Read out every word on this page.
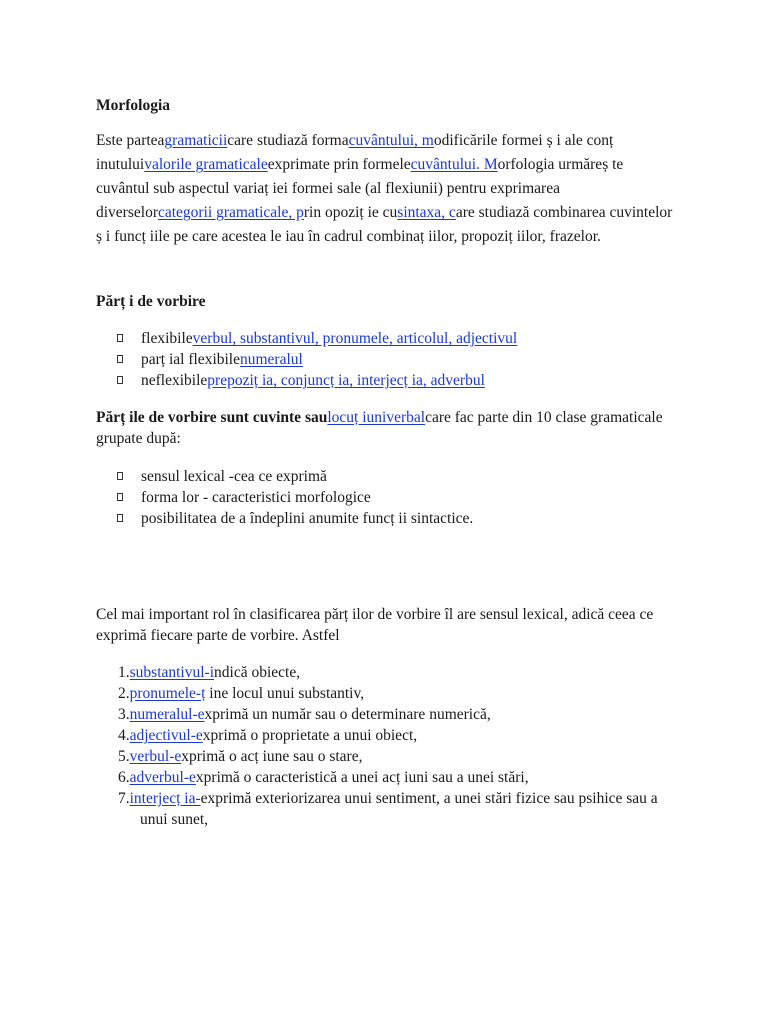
Morfologia
Este parteagramaticiicare studiază formacuvântului, modificările formei ș i ale conț inutuluivalorile gramaticaleexprimate prin formelecuvântului. Morfologia urmăreș te cuvântul sub aspectul variaț iei formei sale (al flexiunii) pentru exprimarea diverselorcategorii gramaticale, prin opoziț ie cusintaxa, care studiază combinarea cuvintelor ș i funcț iile pe care acestea le iau în cadrul combinaț iilor, propoziț iilor, frazelor.
Părț i de vorbire
flexibileverbul, substantivul, pronumele, articolul, adjectivul
parț ial flexibilenumeralul
neflexibileprepoziț ia, conjuncț ia, interjecț ia, adverbul
Părț ile de vorbire sunt cuvinte saulocuț iuniverbalcare fac parte din 10 clase gramaticale grupate după:
sensul lexical -cea ce exprimă
forma lor - caracteristici morfologice
posibilitatea de a îndeplini anumite funcț ii sintactice.
Cel mai important rol în clasificarea părț ilor de vorbire îl are sensul lexical, adică ceea ce exprimă fiecare parte de vorbire. Astfel
1.substantivul-indică obiecte,
2.pronumele-ț ine locul unui substantiv,
3.numeralul-exprimă un număr sau o determinare numerică,
4.adjectivul-exprimă o proprietate a unui obiect,
5.verbul-exprimă o acț iune sau o stare,
6.adverbul-exprimă o caracteristică a unei acț iuni sau a unei stări,
7.interjecț ia-exprimă exteriorizarea unui sentiment, a unei stări fizice sau psihice sau a unui sunet,
